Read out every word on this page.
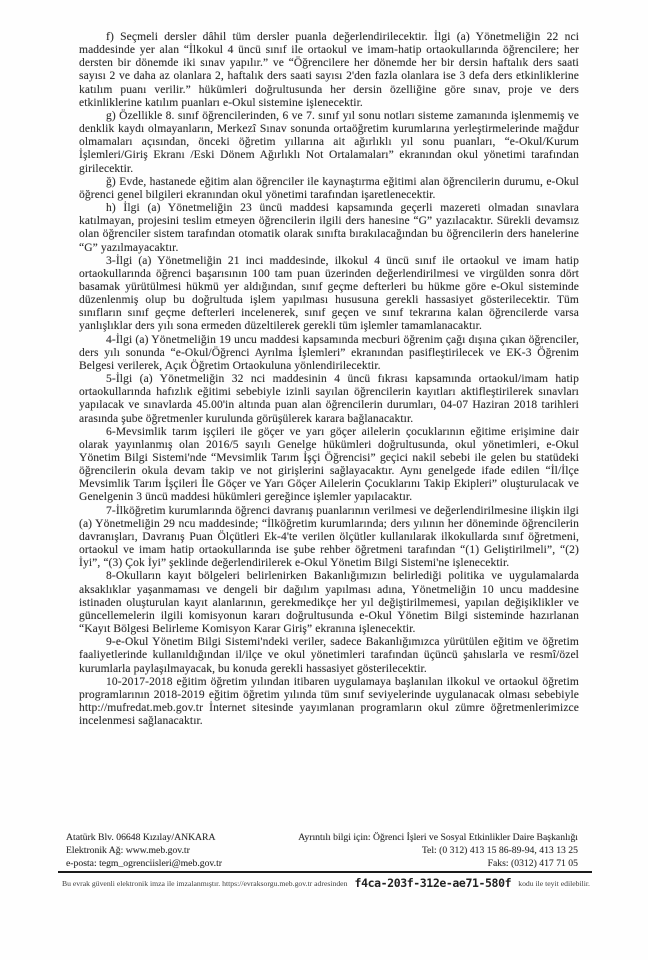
f) Seçmeli dersler dâhil tüm dersler puanla değerlendirilecektir. İlgi (a) Yönetmeliğin 22 nci maddesinde yer alan “İlkokul 4 üncü sınıf ile ortaokul ve imam-hatip ortaokullarında öğrencilere; her dersten bir dönemde iki sınav yapılır.” ve “Öğrencilere her dönemde her bir dersin haftalık ders saati sayısı 2 ve daha az olanlara 2, haftalık ders saati sayısı 2'den fazla olanlara ise 3 defa ders etkinliklerine katılım puanı verilir.” hükümleri doğrultusunda her dersin özelliğine göre sınav, proje ve ders etkinliklerine katılım puanları e-Okul sistemine işlenecektir.

g) Özellikle 8. sınıf öğrencilerinden, 6 ve 7. sınıf yıl sonu notları sisteme zamanında işlenmemiş ve denklik kaydı olmayanların, Merkezî Sınav sonunda ortaöğretim kurumlarına yerleştirmelerinde mağdur olmamaları açısından, önceki öğretim yıllarına ait ağırlıklı yıl sonu puanları, “e-Okul/Kurum İşlemleri/Giriş Ekranı /Eski Dönem Ağırlıklı Not Ortalamaları” ekranından okul yönetimi tarafından girilecektir.

ğ) Evde, hastanede eğitim alan öğrenciler ile kaynaştırma eğitimi alan öğrencilerin durumu, e-Okul öğrenci genel bilgileri ekranından okul yönetimi tarafından işaretlenecektir.

h) İlgi (a) Yönetmeliğin 23 üncü maddesi kapsamında geçerli mazereti olmadan sınavlara katılmayan, projesini teslim etmeyen öğrencilerin ilgili ders hanesine “G” yazılacaktır. Sürekli devamsız olan öğrenciler sistem tarafından otomatik olarak sınıfta bırakılacağından bu öğrencilerin ders hanelerine “G” yazılmayacaktır.

3-İlgi (a) Yönetmeliğin 21 inci maddesinde, ilkokul 4 üncü sınıf ile ortaokul ve imam hatip ortaokullarında öğrenci başarısının 100 tam puan üzerinden değerlendirilmesi ve virgülden sonra dört basamak yürütülmesi hükmü yer aldığından, sınıf geçme defterleri bu hükme göre e-Okul sisteminde düzenlenmiş olup bu doğrultuda işlem yapılması hususuna gerekli hassasiyet gösterilecektir. Tüm sınıfların sınıf geçme defterleri incelenerek, sınıf geçen ve sınıf tekrarına kalan öğrencilerde varsa yanlışlıklar ders yılı sona ermeden düzeltilerek gerekli tüm işlemler tamamlanacaktır.

4-İlgi (a) Yönetmeliğin 19 uncu maddesi kapsamında mecburi öğrenim çağı dışına çıkan öğrenciler, ders yılı sonunda “e-Okul/Öğrenci Ayrılma İşlemleri” ekranından pasifleştirilecek ve EK-3 Öğrenim Belgesi verilerek, Açık Öğretim Ortaokuluna yönlendirilecektir.

5-İlgi (a) Yönetmeliğin 32 nci maddesinin 4 üncü fıkrası kapsamında ortaokul/imam hatip ortaokullarında hafızlık eğitimi sebebiyle izinli sayılan öğrencilerin kayıtları aktifleştirilerek sınavları yapılacak ve sınavlarda 45.00'in altında puan alan öğrencilerin durumları, 04-07 Haziran 2018 tarihleri arasında şube öğretmenler kurulunda görüşülerek karara bağlanacaktır.

6-Mevsimlik tarım işçileri ile göçer ve yarı göçer ailelerin çocuklarının eğitime erişimine dair olarak yayınlanmış olan 2016/5 sayılı Genelge hükümleri doğrultusunda, okul yönetimleri, e-Okul Yönetim Bilgi Sistemi'nde “Mevsimlik Tarım İşçi Öğrencisi” geçici nakil sebebi ile gelen bu statüdeki öğrencilerin okula devam takip ve not girişlerini sağlayacaktır. Aynı genelgede ifade edilen “İl/İlçe Mevsimlik Tarım İşçileri İle Göçer ve Yarı Göçer Ailelerin Çocuklarını Takip Ekipleri” oluşturulacak ve Genelgenin 3 üncü maddesi hükümleri gereğince işlemler yapılacaktır.

7-İlköğretim kurumlarında öğrenci davranış puanlarının verilmesi ve değerlendirilmesine ilişkin ilgi (a) Yönetmeliğin 29 ncu maddesinde; “İlköğretim kurumlarında; ders yılının her döneminde öğrencilerin davranışları, Davranış Puan Ölçütleri Ek-4'te verilen ölçütler kullanılarak ilkokullarda sınıf öğretmeni, ortaokul ve imam hatip ortaokullarında ise şube rehber öğretmeni tarafından “(1) Geliştirilmeli”, “(2) İyi”, “(3) Çok İyi” şeklinde değerlendirilerek e-Okul Yönetim Bilgi Sistemi'ne işlenecektir.

8-Okulların kayıt bölgeleri belirlenirken Bakanlığımızın belirlediği politika ve uygulamalarda aksaklıklar yaşanmaması ve dengeli bir dağılım yapılması adına, Yönetmeliğin 10 uncu maddesine istinaden oluşturulan kayıt alanlarının, gerekmedikçe her yıl değiştirilmemesi, yapılan değişiklikler ve güncellemelerin ilgili komisyonun kararı doğrultusunda e-Okul Yönetim Bilgi sisteminde hazırlanan “Kayıt Bölgesi Belirleme Komisyon Karar Giriş” ekranına işlenecektir.

9-e-Okul Yönetim Bilgi Sistemi'ndeki veriler, sadece Bakanlığımızca yürütülen eğitim ve öğretim faaliyetlerinde kullanıldığından il/ilçe ve okul yönetimleri tarafından üçüncü şahıslarla ve resmî/özel kurumlarla paylaşılmayacak, bu konuda gerekli hassasiyet gösterilecektir.

10-2017-2018 eğitim öğretim yılından itibaren uygulamaya başlanılan ilkokul ve ortaokul öğretim programlarının 2018-2019 eğitim öğretim yılında tüm sınıf seviyelerinde uygulanacak olması sebebiyle http://mufredat.meb.gov.tr İnternet sitesinde yayımlanan programların okul zümre öğretmenlerimizce incelenmesi sağlanacaktır.

Atatürk Blv. 06648 Kızılay/ANKARA
Elektronik Ağ: www.meb.gov.tr
e-posta: tegm_ogrenciisleri@meb.gov.tr
Ayrıntılı bilgi için: Öğrenci İşleri ve Sosyal Etkinlikler Daire Başkanlığı
Tel: (0 312) 413 15 86-89-94, 413 13 25
Faks: (0312) 417 71 05
Bu evrak güvenli elektronik imza ile imzalanmıştır. https://evraksorgu.meb.gov.tr adresinden f4ca-203f-312e-ae71-580f kodu ile teyit edilebilir.
